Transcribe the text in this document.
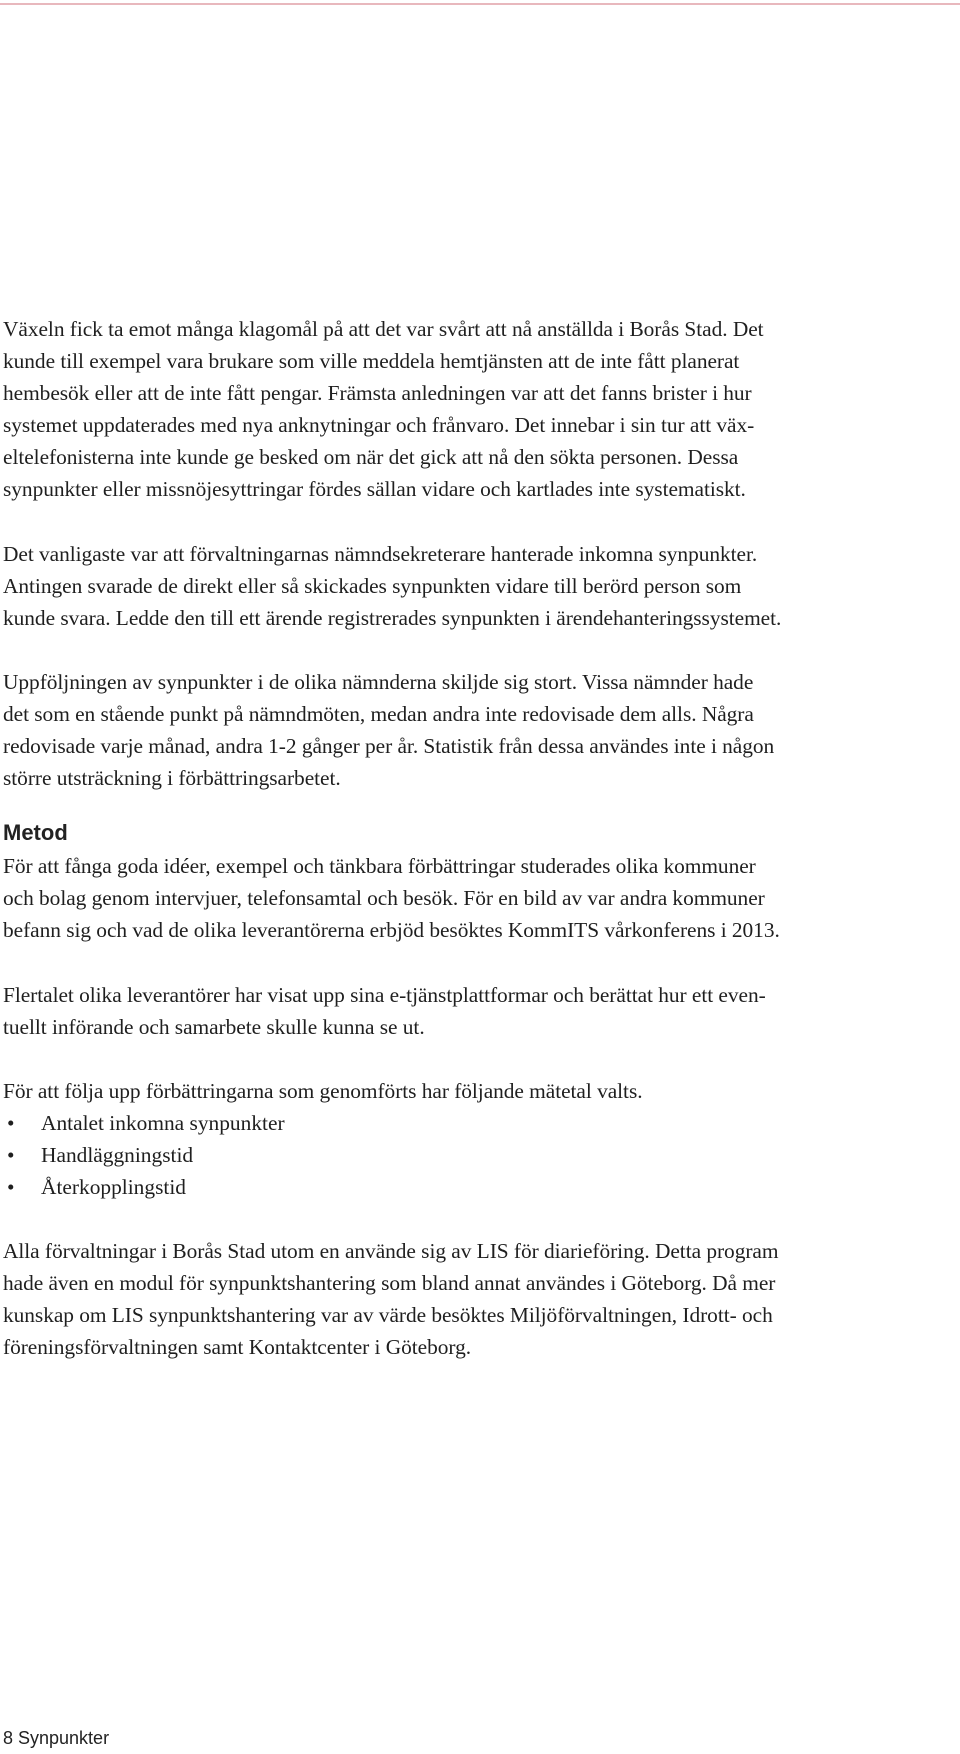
Växeln fick ta emot många klagomål på att det var svårt att nå anställda i Borås Stad. Det
kunde till exempel vara brukare som ville meddela hemtjänsten att de inte fått planerat
hembesök eller att de inte fått pengar. Främsta anledningen var att det fanns brister i hur
systemet uppdaterades med nya anknytningar och frånvaro. Det innebar i sin tur att väx-
eltelefonisterna inte kunde ge besked om när det gick att nå den sökta personen. Dessa
synpunkter eller missnöjesyttringar fördes sällan vidare och kartlades inte systematiskt.

Det vanligaste var att förvaltningarnas nämndsekreterare hanterade inkomna synpunkter.
Antingen svarade de direkt eller så skickades synpunkten vidare till berörd person som
kunde svara. Ledde den till ett ärende registrerades synpunkten i ärendehanteringssystemet.

Uppföljningen av synpunkter i de olika nämnderna skiljde sig stort. Vissa nämnder hade
det som en stående punkt på nämndmöten, medan andra inte redovisade dem alls. Några
redovisade varje månad, andra 1-2 gånger per år. Statistik från dessa användes inte i någon
större utsträckning i förbättringsarbetet.

Metod

För att fånga goda idéer, exempel och tänkbara förbättringar studerades olika kommuner
och bolag genom intervjuer, telefonsamtal och besök. För en bild av var andra kommuner
befann sig och vad de olika leverantörerna erbjöd besöktes KommITS vårkonferens i 2013.

Flertalet olika leverantörer har visat upp sina e-tjänstplattformar och berättat hur ett even-
tuellt införande och samarbete skulle kunna se ut.

För att följa upp förbättringarna som genomförts har följande mätetal valts.

•	Antalet inkomna synpunkter
•	Handläggningstid
•	Återkopplingstid

Alla förvaltningar i Borås Stad utom en använde sig av LIS för diarieföring. Detta program
hade även en modul för synpunktshantering som bland annat användes i Göteborg. Då mer
kunskap om LIS synpunktshantering var av värde besöktes Miljöförvaltningen, Idrott- och
föreningsförvaltningen samt Kontaktcenter i Göteborg.

8 Synpunkter
